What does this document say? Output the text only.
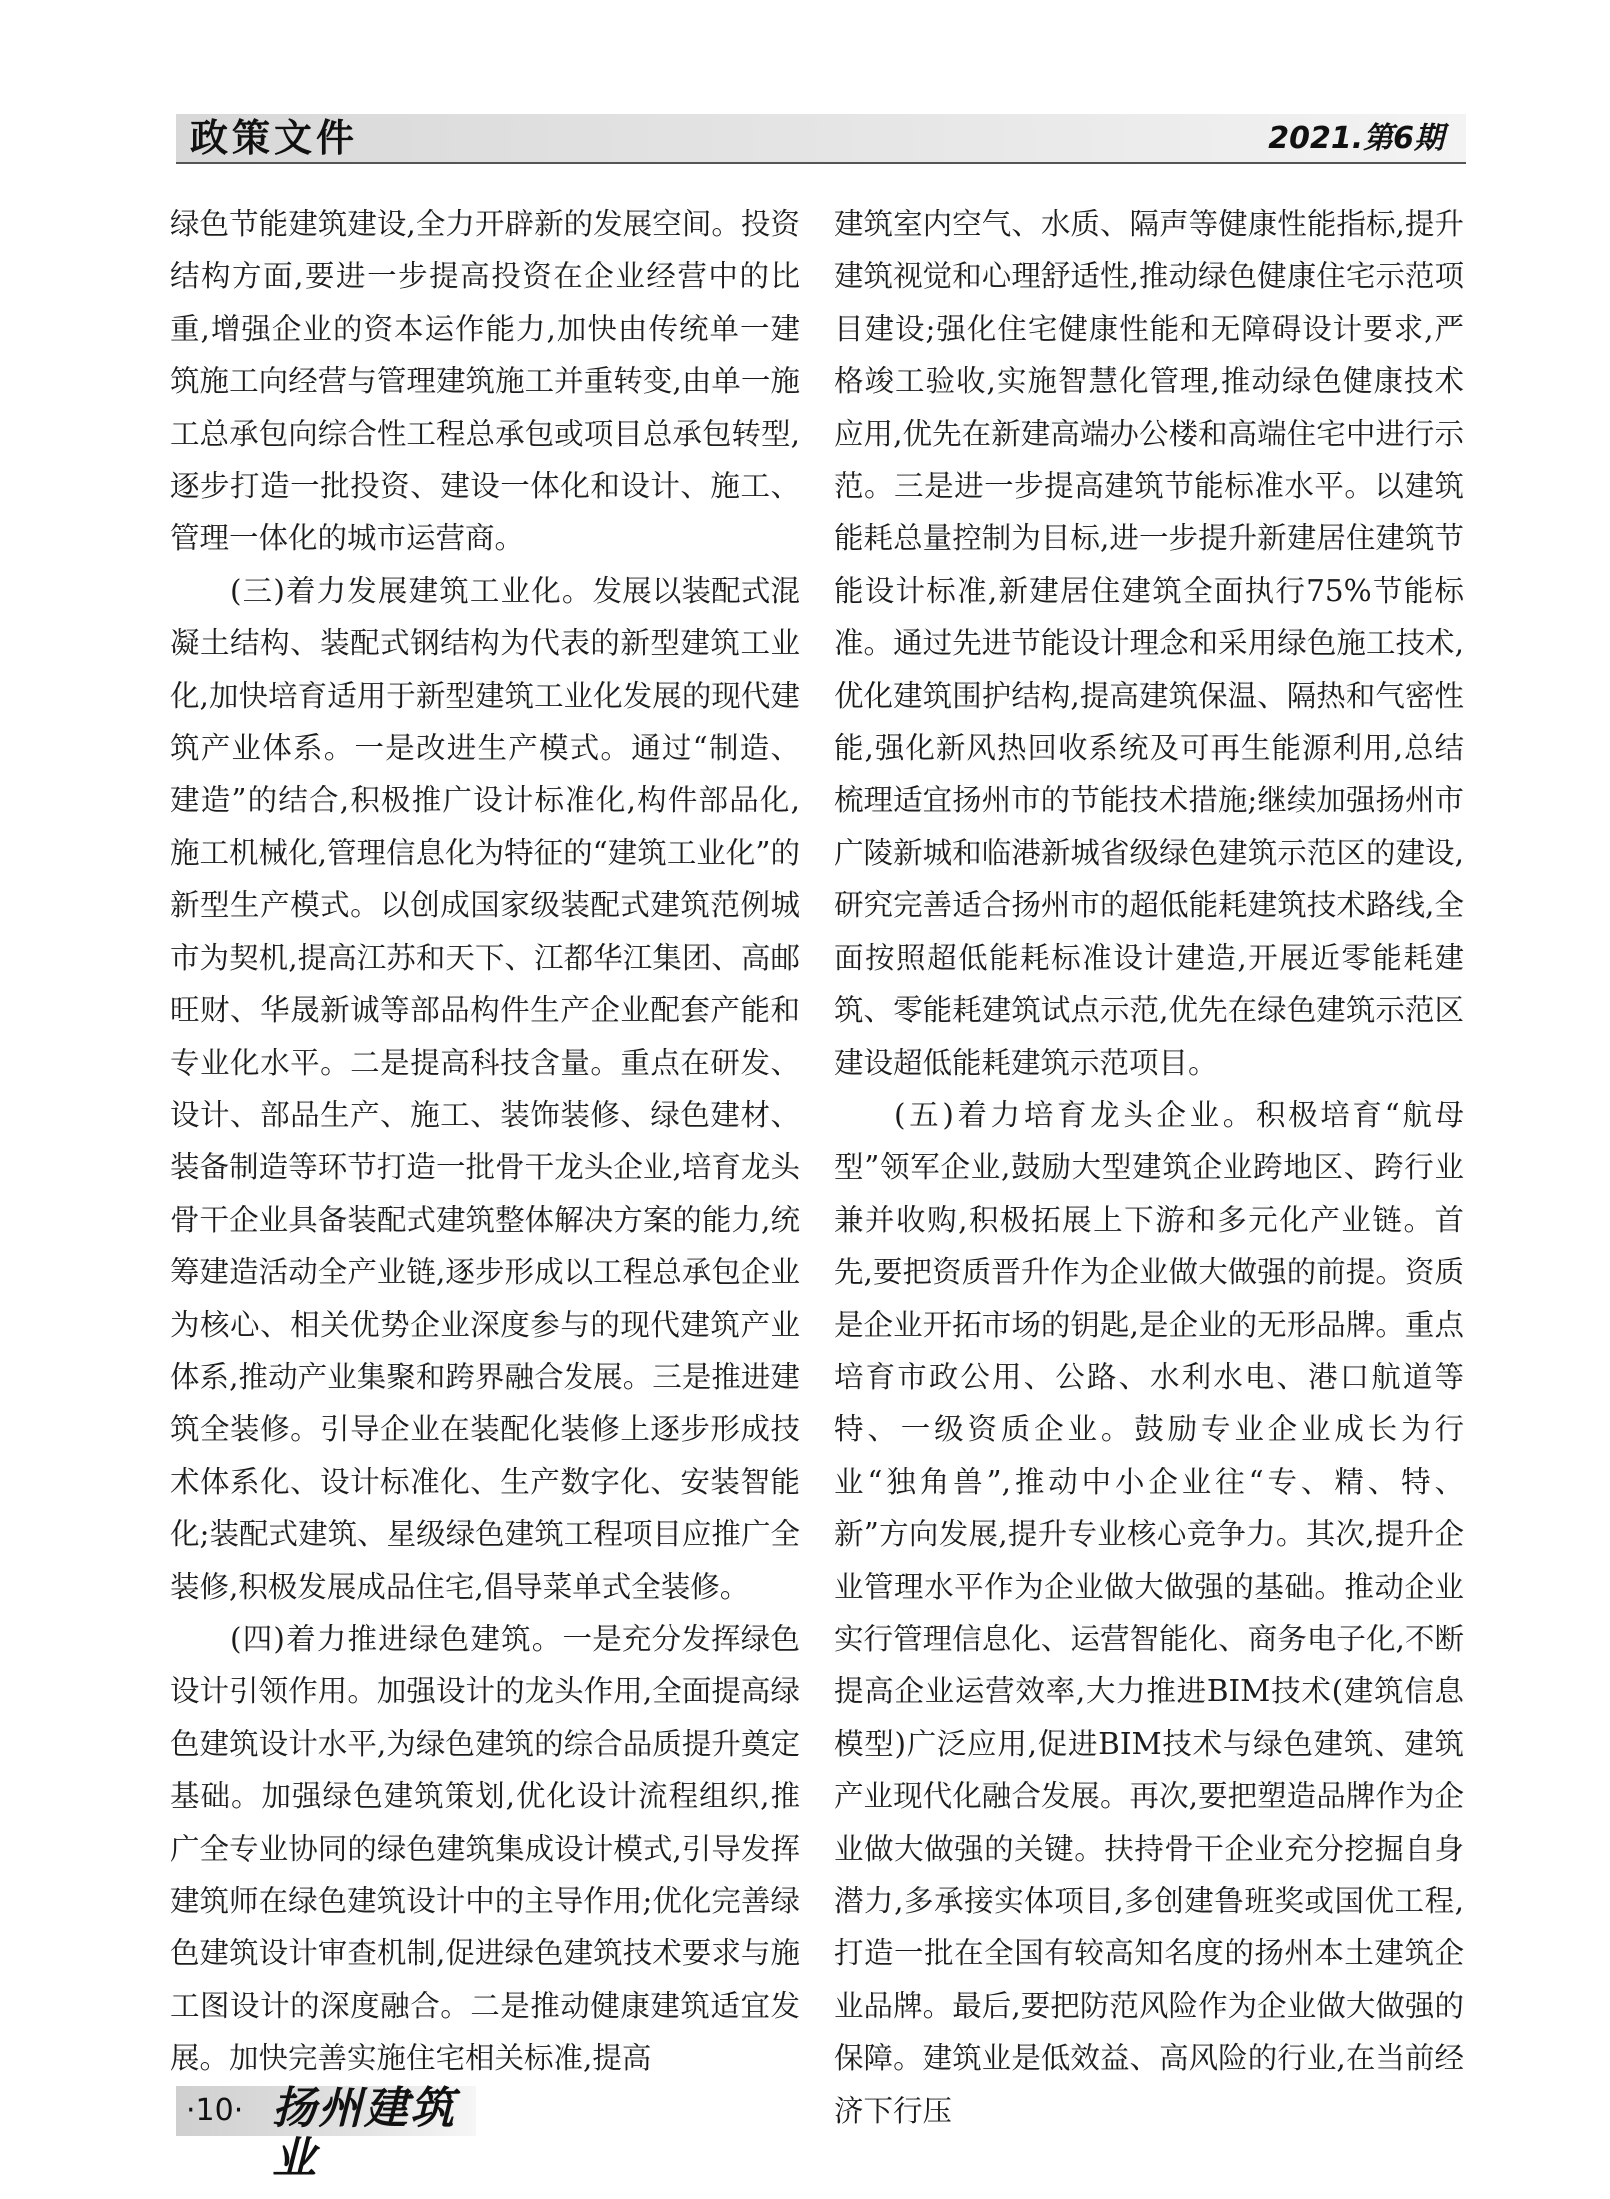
政策文件	2021.第6期

绿色节能建筑建设,全力开辟新的发展空间。投资结构方面,要进一步提高投资在企业经营中的比重,增强企业的资本运作能力,加快由传统单一建筑施工向经营与管理建筑施工并重转变,由单一施工总承包向综合性工程总承包或项目总承包转型,逐步打造一批投资、建设一体化和设计、施工、管理一体化的城市运营商。

(三)着力发展建筑工业化。发展以装配式混凝土结构、装配式钢结构为代表的新型建筑工业化,加快培育适用于新型建筑工业化发展的现代建筑产业体系。一是改进生产模式。通过“制造、建造”的结合,积极推广设计标准化,构件部品化,施工机械化,管理信息化为特征的“建筑工业化”的新型生产模式。以创成国家级装配式建筑范例城市为契机,提高江苏和天下、江都华江集团、高邮旺财、华晟新诚等部品构件生产企业配套产能和专业化水平。二是提高科技含量。重点在研发、设计、部品生产、施工、装饰装修、绿色建材、装备制造等环节打造一批骨干龙头企业,培育龙头骨干企业具备装配式建筑整体解决方案的能力,统筹建造活动全产业链,逐步形成以工程总承包企业为核心、相关优势企业深度参与的现代建筑产业体系,推动产业集聚和跨界融合发展。三是推进建筑全装修。引导企业在装配化装修上逐步形成技术体系化、设计标准化、生产数字化、安装智能化;装配式建筑、星级绿色建筑工程项目应推广全装修,积极发展成品住宅,倡导菜单式全装修。

(四)着力推进绿色建筑。一是充分发挥绿色设计引领作用。加强设计的龙头作用,全面提高绿色建筑设计水平,为绿色建筑的综合品质提升奠定基础。加强绿色建筑策划,优化设计流程组织,推广全专业协同的绿色建筑集成设计模式,引导发挥建筑师在绿色建筑设计中的主导作用;优化完善绿色建筑设计审查机制,促进绿色建筑技术要求与施工图设计的深度融合。二是推动健康建筑适宜发展。加快完善实施住宅相关标准,提高

建筑室内空气、水质、隔声等健康性能指标,提升建筑视觉和心理舒适性,推动绿色健康住宅示范项目建设;强化住宅健康性能和无障碍设计要求,严格竣工验收,实施智慧化管理,推动绿色健康技术应用,优先在新建高端办公楼和高端住宅中进行示范。三是进一步提高建筑节能标准水平。以建筑能耗总量控制为目标,进一步提升新建居住建筑节能设计标准,新建居住建筑全面执行75%节能标准。通过先进节能设计理念和采用绿色施工技术,优化建筑围护结构,提高建筑保温、隔热和气密性能,强化新风热回收系统及可再生能源利用,总结梳理适宜扬州市的节能技术措施;继续加强扬州市广陵新城和临港新城省级绿色建筑示范区的建设,研究完善适合扬州市的超低能耗建筑技术路线,全面按照超低能耗标准设计建造,开展近零能耗建筑、零能耗建筑试点示范,优先在绿色建筑示范区建设超低能耗建筑示范项目。

(五)着力培育龙头企业。积极培育“航母型”领军企业,鼓励大型建筑企业跨地区、跨行业兼并收购,积极拓展上下游和多元化产业链。首先,要把资质晋升作为企业做大做强的前提。资质是企业开拓市场的钥匙,是企业的无形品牌。重点培育市政公用、公路、水利水电、港口航道等特、一级资质企业。鼓励专业企业成长为行业“独角兽”,推动中小企业往“专、精、特、新”方向发展,提升专业核心竞争力。其次,提升企业管理水平作为企业做大做强的基础。推动企业实行管理信息化、运营智能化、商务电子化,不断提高企业运营效率,大力推进BIM技术(建筑信息模型)广泛应用,促进BIM技术与绿色建筑、建筑产业现代化融合发展。再次,要把塑造品牌作为企业做大做强的关键。扶持骨干企业充分挖掘自身潜力,多承接实体项目,多创建鲁班奖或国优工程,打造一批在全国有较高知名度的扬州本土建筑企业品牌。最后,要把防范风险作为企业做大做强的保障。建筑业是低效益、高风险的行业,在当前经济下行压

·10· 扬州建筑业
